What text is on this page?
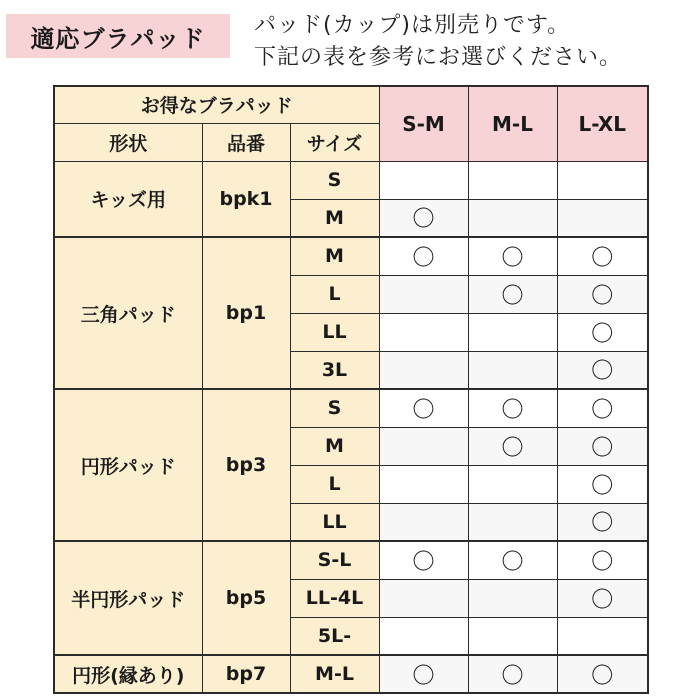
適応ブラパッド パッド(カップ)は別売りです。
下記の表を参考にお選びください。
お得なブラパッド			S-M	M-L	L-XL
形状	品番	サイズ			
キッズ用	bpk1	S			
		M	〇		
三角パッド	bp1	M	〇	〇	〇
		L		〇	〇
		LL			〇
		3L			〇
円形パッド	bp3	S	〇	〇	〇
		M		〇	〇
		L			〇
		LL			〇
半円形パッド	bp5	S-L	〇	〇	〇
		LL-4L			〇
		5L-			
円形(縁あり)	bp7	M-L	〇	〇	〇
